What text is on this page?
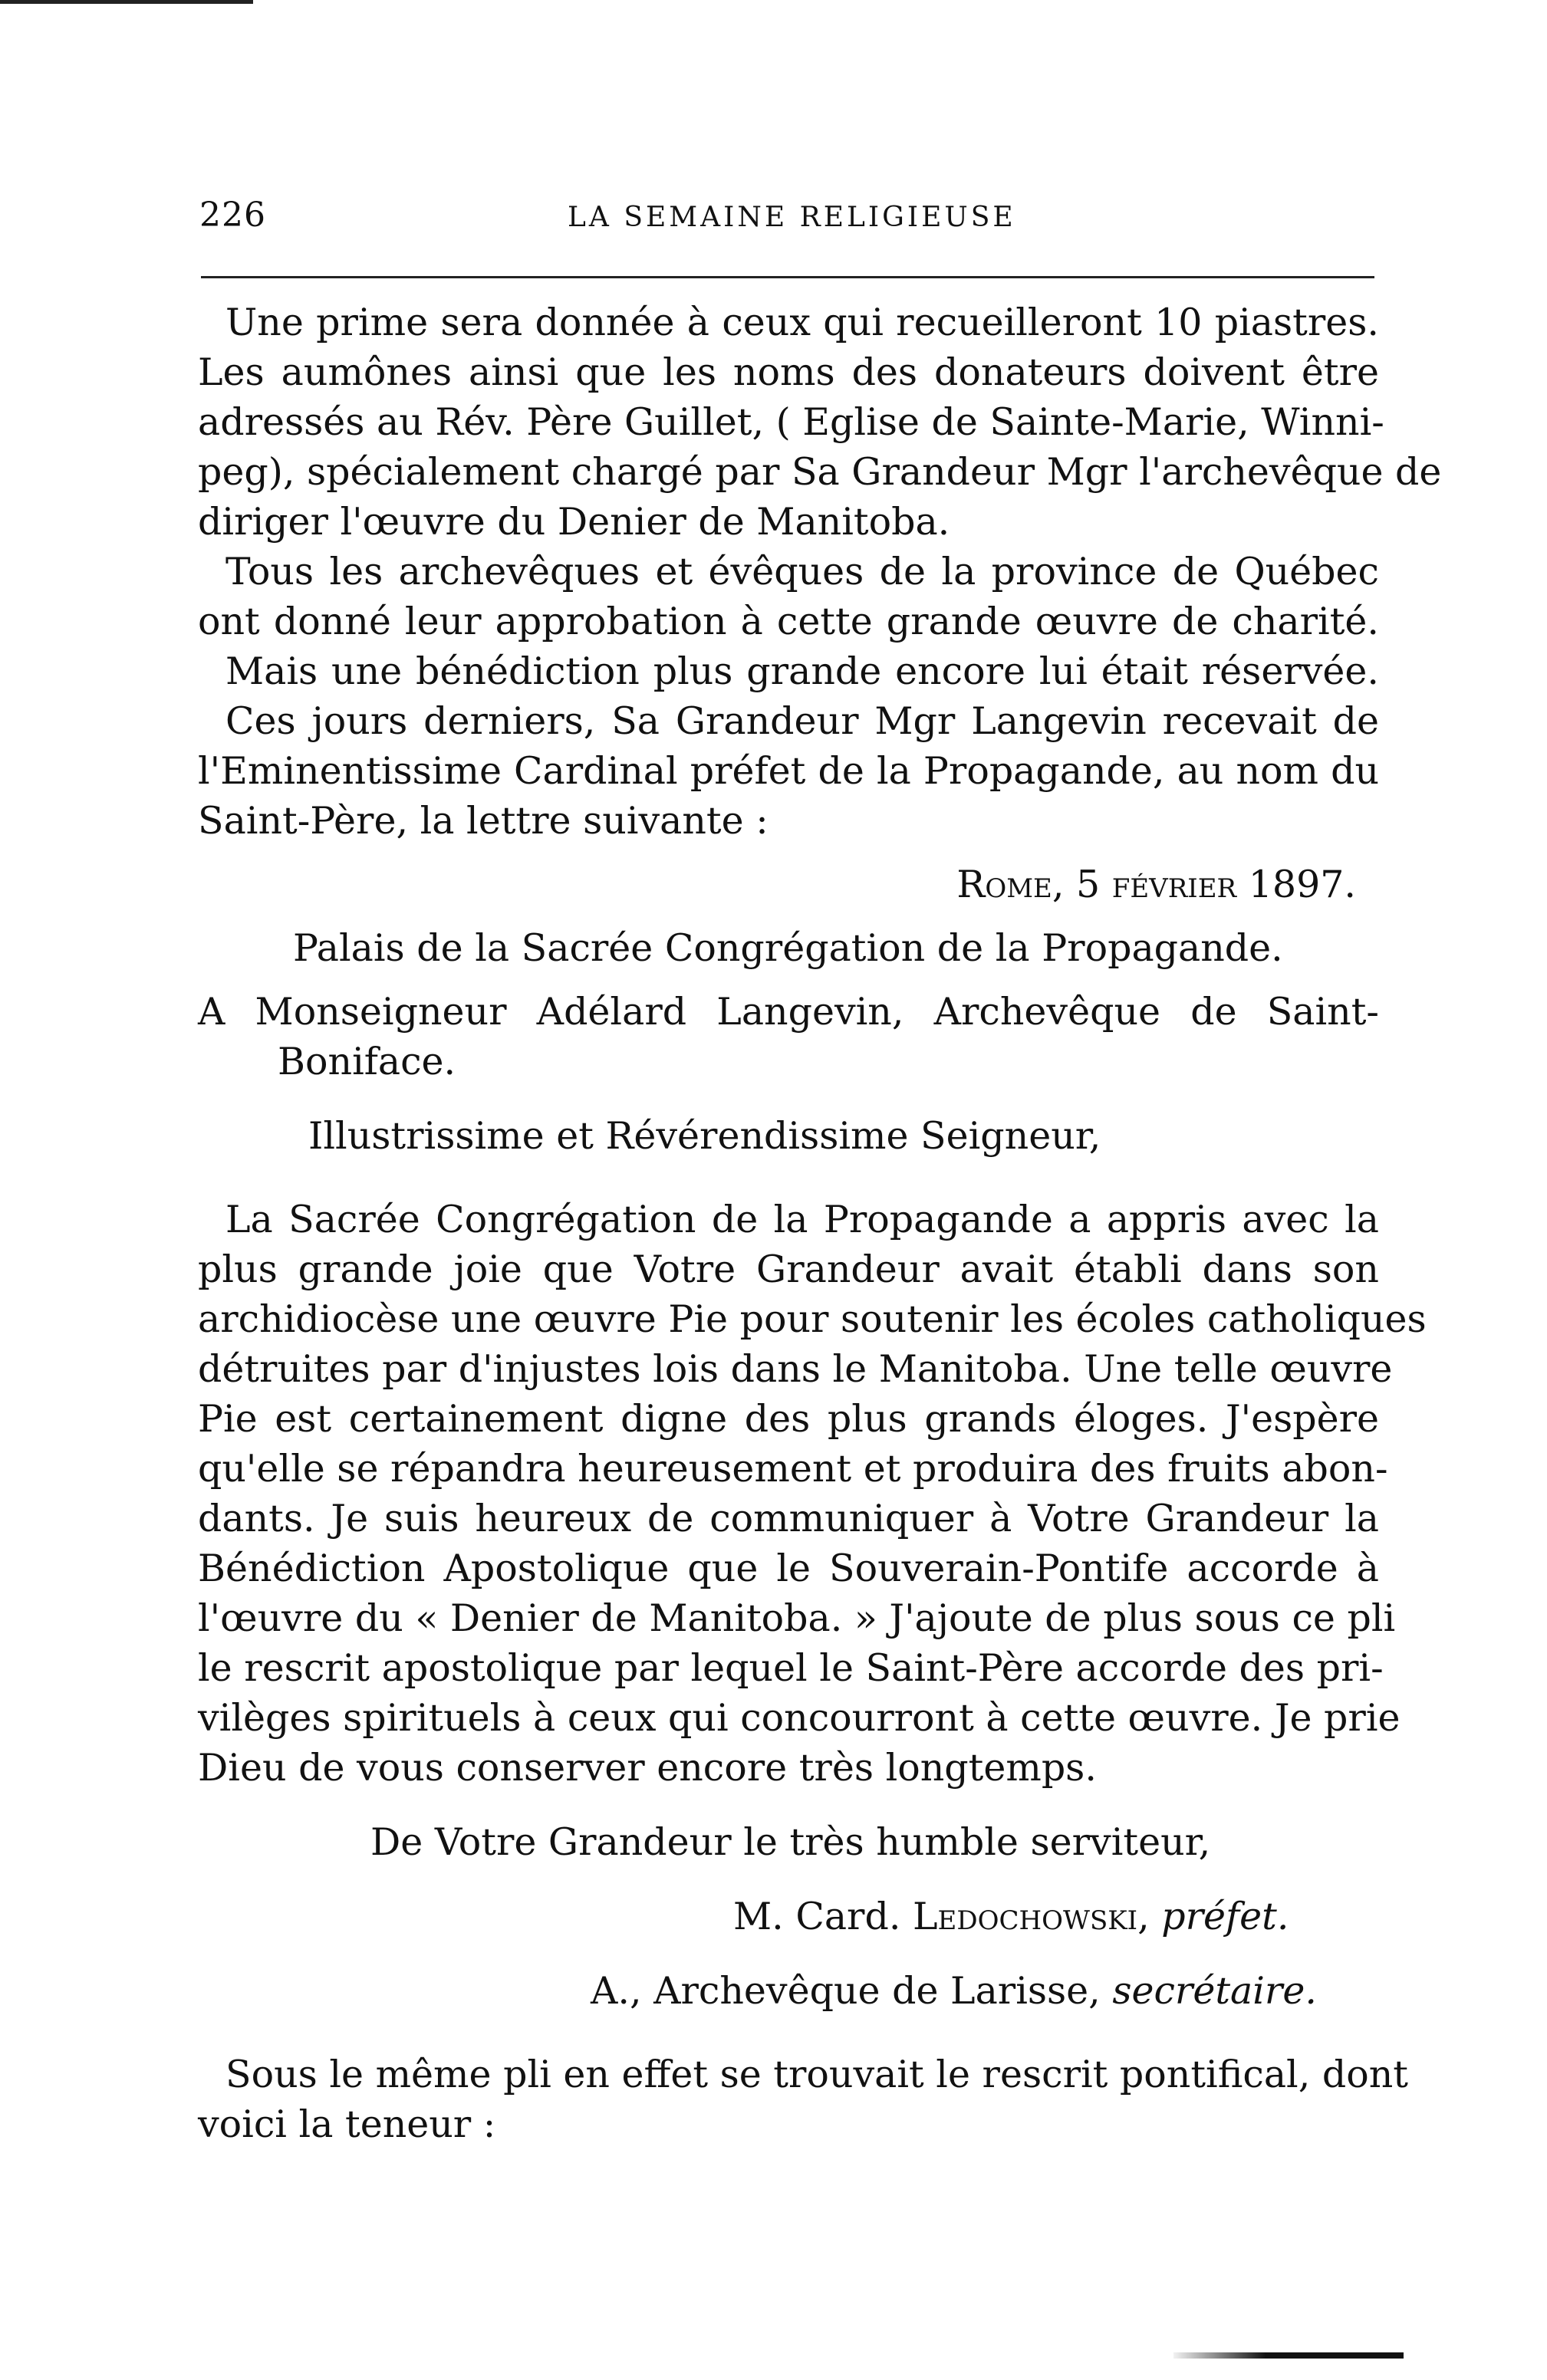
226	LA SEMAINE RELIGIEUSE
Une prime sera donnée à ceux qui recueilleront 10 piastres.
Les aumônes ainsi que les noms des donateurs doivent être
adressés au Rév. Père Guillet, ( Eglise de Sainte-Marie, Winni-
peg), spécialement chargé par Sa Grandeur Mgr l'archevêque de
diriger l'œuvre du Denier de Manitoba.
Tous les archevêques et évêques de la province de Québec
ont donné leur approbation à cette grande œuvre de charité.
Mais une bénédiction plus grande encore lui était réservée.
Ces jours derniers, Sa Grandeur Mgr Langevin recevait de
l'Eminentissime Cardinal préfet de la Propagande, au nom du
Saint-Père, la lettre suivante :
Rome, 5 février 1897.
Palais de la Sacrée Congrégation de la Propagande.
A Monseigneur Adélard Langevin, Archevêque de Saint-
Boniface.
Illustrissime et Révérendissime Seigneur,
La Sacrée Congrégation de la Propagande a appris avec la
plus grande joie que Votre Grandeur avait établi dans son
archidiocèse une œuvre Pie pour soutenir les écoles catholiques
détruites par d'injustes lois dans le Manitoba. Une telle œuvre
Pie est certainement digne des plus grands éloges. J'espère
qu'elle se répandra heureusement et produira des fruits abon-
dants. Je suis heureux de communiquer à Votre Grandeur la
Bénédiction Apostolique que le Souverain-Pontife accorde à
l'œuvre du « Denier de Manitoba. » J'ajoute de plus sous ce pli
le rescrit apostolique par lequel le Saint-Père accorde des pri-
vilèges spirituels à ceux qui concourront à cette œuvre. Je prie
Dieu de vous conserver encore très longtemps.
De Votre Grandeur le très humble serviteur,
M. Card. Ledochowski, préfet.
A., Archevêque de Larisse, secrétaire.
Sous le même pli en effet se trouvait le rescrit pontifical, dont
voici la teneur :
